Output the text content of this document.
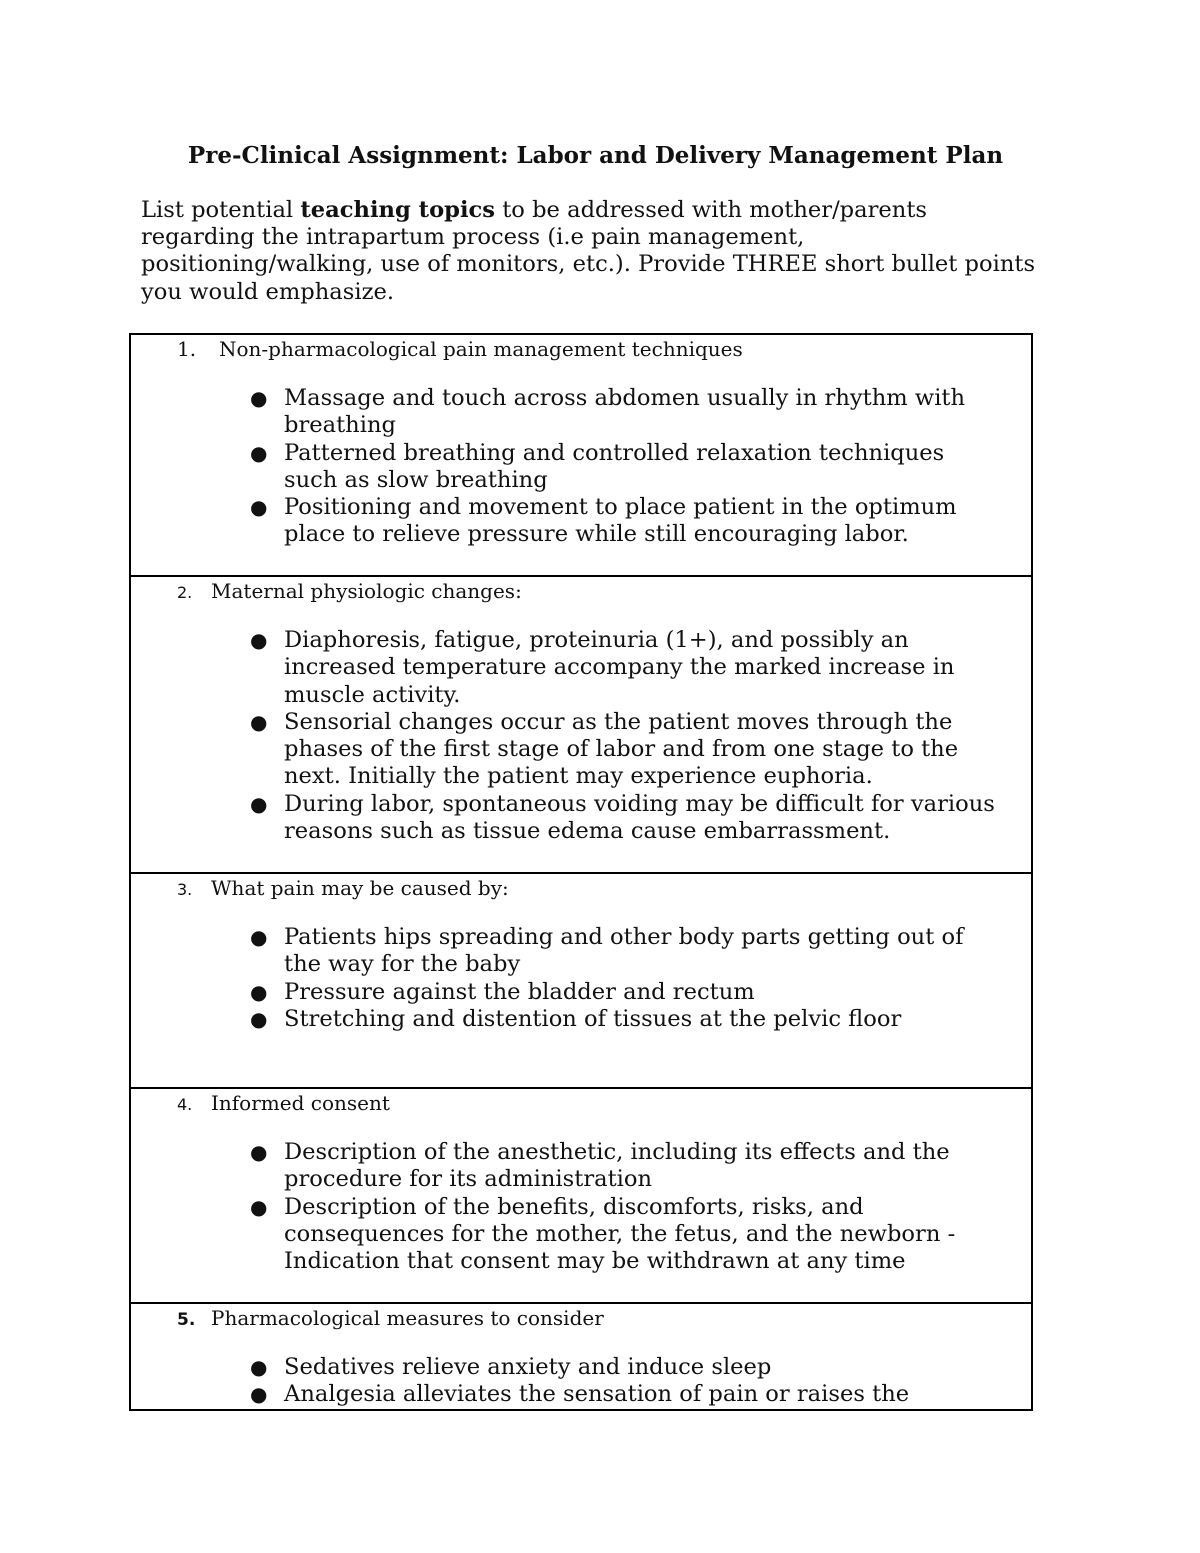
Pre-Clinical Assignment: Labor and Delivery Management Plan
List potential teaching topics to be addressed with mother/parents regarding the intrapartum process (i.e pain management, positioning/walking, use of monitors, etc.). Provide THREE short bullet points you would emphasize.
1. Non-pharmacological pain management techniques
● Massage and touch across abdomen usually in rhythm with breathing
● Patterned breathing and controlled relaxation techniques such as slow breathing
● Positioning and movement to place patient in the optimum place to relieve pressure while still encouraging labor.
2. Maternal physiologic changes:
● Diaphoresis, fatigue, proteinuria (1+), and possibly an increased temperature accompany the marked increase in muscle activity.
● Sensorial changes occur as the patient moves through the phases of the first stage of labor and from one stage to the next. Initially the patient may experience euphoria.
● During labor, spontaneous voiding may be difficult for various reasons such as tissue edema cause embarrassment.
3. What pain may be caused by:
● Patients hips spreading and other body parts getting out of the way for the baby
● Pressure against the bladder and rectum
● Stretching and distention of tissues at the pelvic floor
4. Informed consent
● Description of the anesthetic, including its effects and the procedure for its administration
● Description of the benefits, discomforts, risks, and consequences for the mother, the fetus, and the newborn - Indication that consent may be withdrawn at any time
5. Pharmacological measures to consider
● Sedatives relieve anxiety and induce sleep
● Analgesia alleviates the sensation of pain or raises the
